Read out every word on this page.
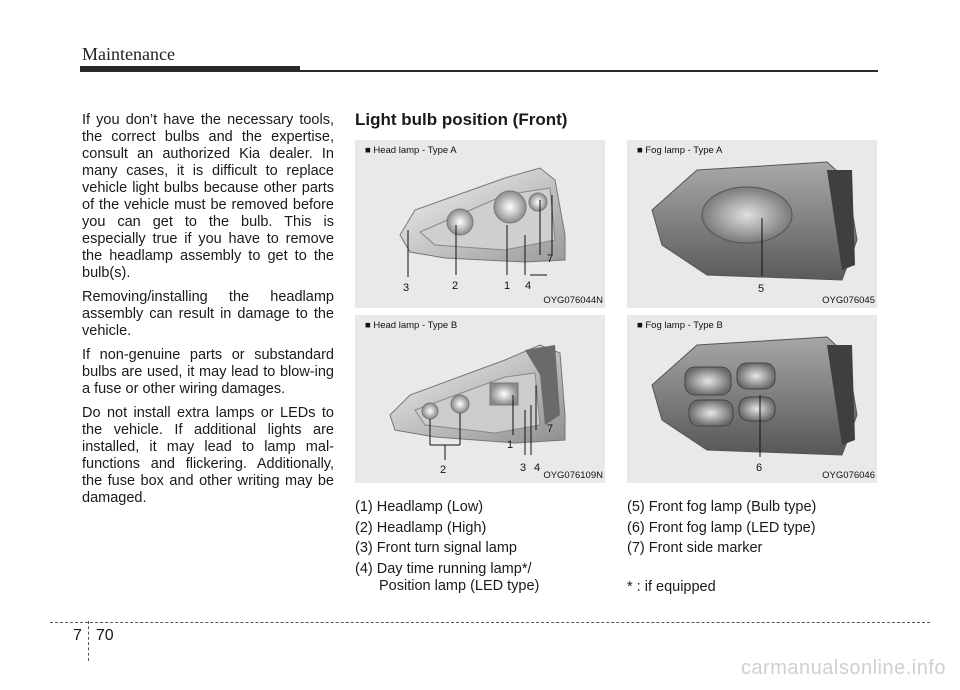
Maintenance

If you don’t have the necessary tools, the correct bulbs and the expertise, consult an authorized Kia dealer. In many cases, it is difficult to replace vehicle light bulbs because other parts of the vehicle must be removed before you can get to the bulb. This is especially true if you have to remove the headlamp assembly to get to the bulb(s).

Removing/installing the headlamp assembly can result in damage to the vehicle.

If non-genuine parts or substandard bulbs are used, it may lead to blow-ing a fuse or other wiring damages.

Do not install extra lamps or LEDs to the vehicle. If additional lights are installed, it may lead to lamp mal-functions and flickering. Additionally, the fuse box and other writing may be damaged.

Light bulb position (Front)
3	2	1 4
7
■ Head lamp - Type A
OYG076044N
5
■ Fog lamp - Type A
OYG076045
2
1
3 4
7
■ Head lamp - Type B
OYG076109N
6
■ Fog lamp - Type B
OYG076046
(1) Headlamp (Low)
(2) Headlamp (High)
(3) Front turn signal lamp
(4) Day time running lamp*/
Position lamp (LED type)
(5) Front fog lamp (Bulb type)
(6) Front fog lamp (LED type)
(7) Front side marker
* : if equipped
7 70
carmanualsonline.info
